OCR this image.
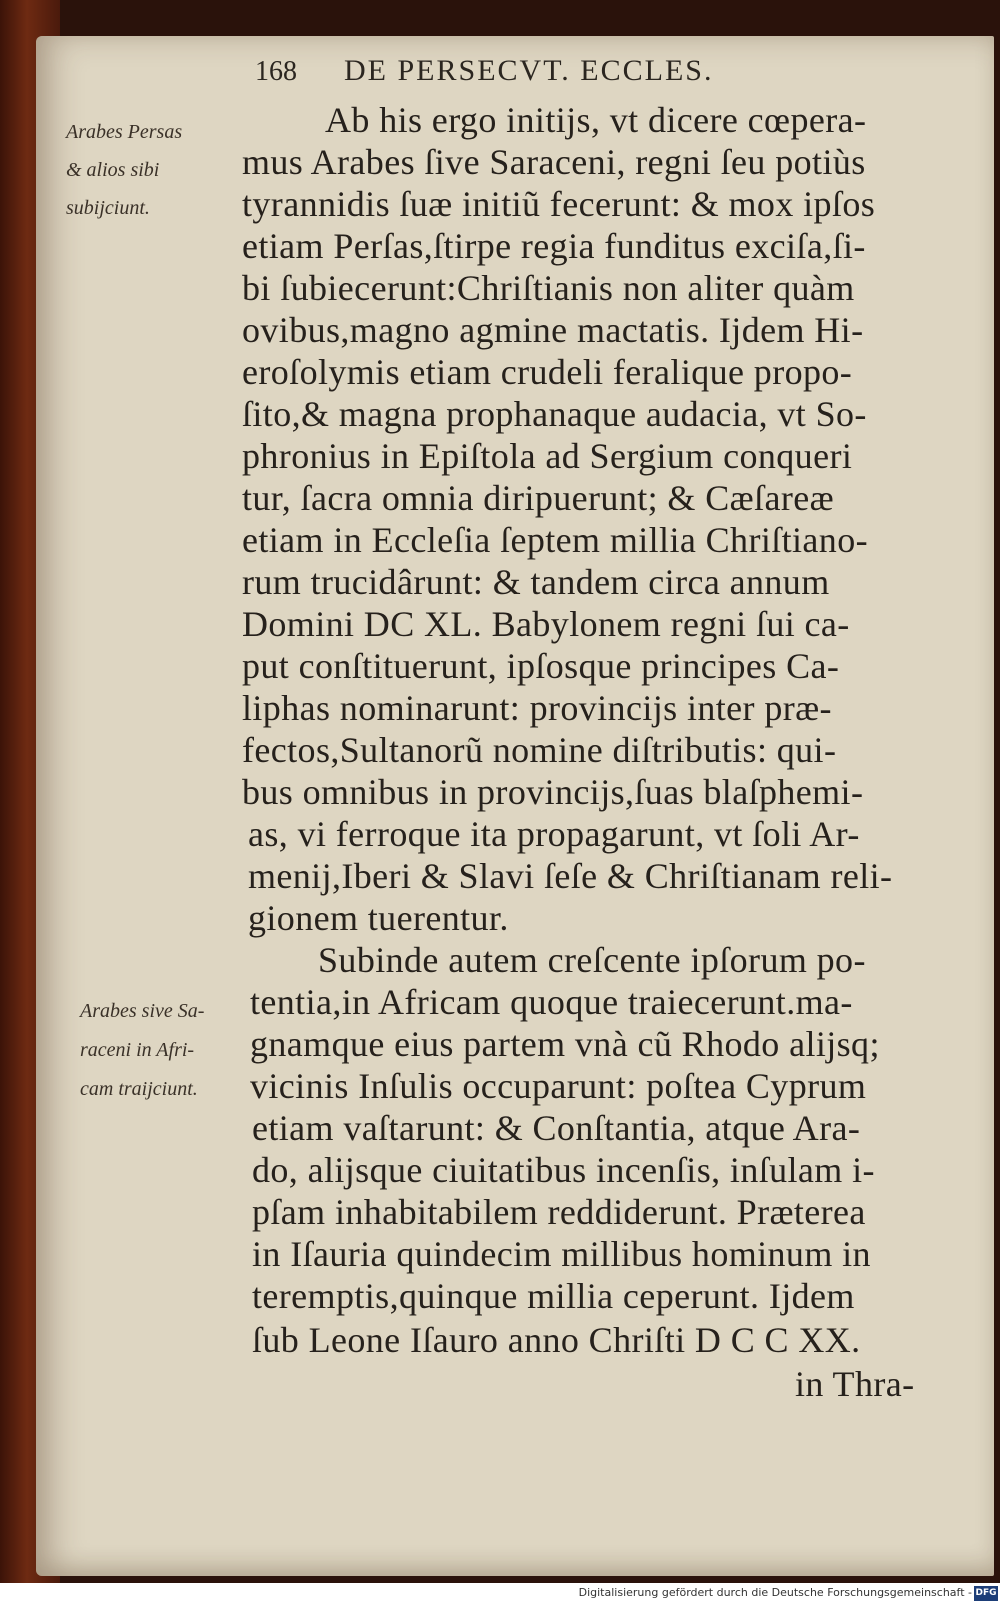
168 DE PERSECVT. ECCLES.
Arabes Persas
& alios sibi
subijciunt.
Arabes sive Sa-
raceni in Afri-
cam traijciunt.
Ab his ergo initijs, vt dicere cœpera-
mus Arabes ſive Saraceni, regni ſeu potiùs
tyrannidis ſuæ initiũ fecerunt: & mox ipſos
etiam Perſas,ſtirpe regia funditus exciſa,ſi-
bi ſubiecerunt:Chriſtianis non aliter quàm
ovibus,magno agmine mactatis. Ijdem Hi-
eroſolymis etiam crudeli feralique propo-
ſito,& magna prophanaque audacia, vt So-
phronius in Epiſtola ad Sergium conqueri
tur, ſacra omnia diripuerunt; & Cæſareæ
etiam in Eccleſia ſeptem millia Chriſtiano-
rum trucidârunt: & tandem circa annum
Domini DC XL. Babylonem regni ſui ca-
put conſtituerunt, ipſosque principes Ca-
liphas nominarunt: provincijs inter præ-
fectos,Sultanorũ nomine diſtributis: qui-
bus omnibus in provincijs,ſuas blaſphemi-
as, vi ferroque ita propagarunt, vt ſoli Ar-
menij,Iberi & Slavi ſeſe & Chriſtianam reli-
gionem tuerentur.
Subinde autem creſcente ipſorum po-
tentia,in Africam quoque traiecerunt.ma-
gnamque eius partem vnà cũ Rhodo alijsq;
vicinis Inſulis occuparunt: poſtea Cyprum
etiam vaſtarunt: & Conſtantia, atque Ara-
do, alijsque ciuitatibus incenſis, inſulam i-
pſam inhabitabilem reddiderunt. Præterea
in Iſauria quindecim millibus hominum in
teremptis,quinque millia ceperunt. Ijdem
ſub Leone Iſauro anno Chriſti D C C XX.
in Thra-
Digitalisierung gefördert durch die Deutsche Forschungsgemeinschaft - DFG
